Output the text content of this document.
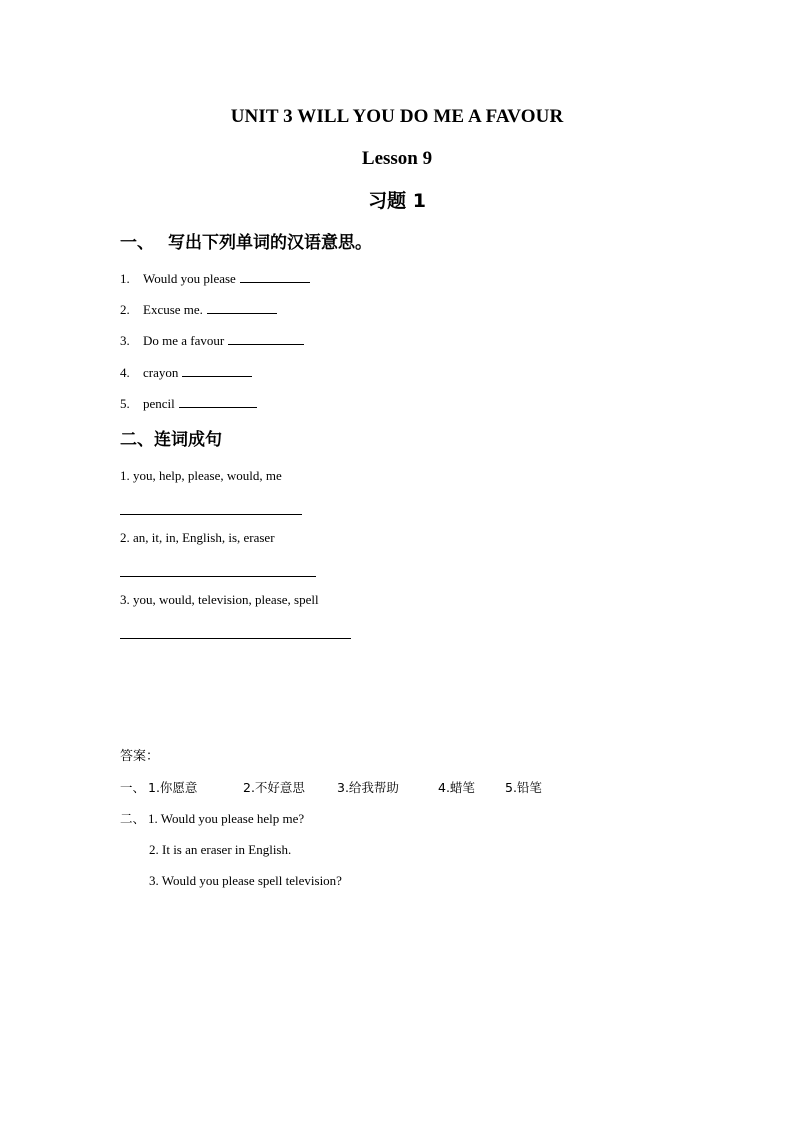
UNIT 3 WILL YOU DO ME A FAVOUR
Lesson 9
习题 1
一、 写出下列单词的汉语意思。
1. Would you please
2. Excuse me.
3. Do me a favour
4. crayon
5. pencil
二、连词成句
1. you, help, please, would, me
2. an, it, in, English, is, eraser
3. you, would, television, please, spell
答案：
一、 1.你愿意	2.不好意思	3.给我帮助	4.蜡笔 5.铅笔
二、 1. Would you please help me?
2. It is an eraser in English.
3. Would you please spell television?
